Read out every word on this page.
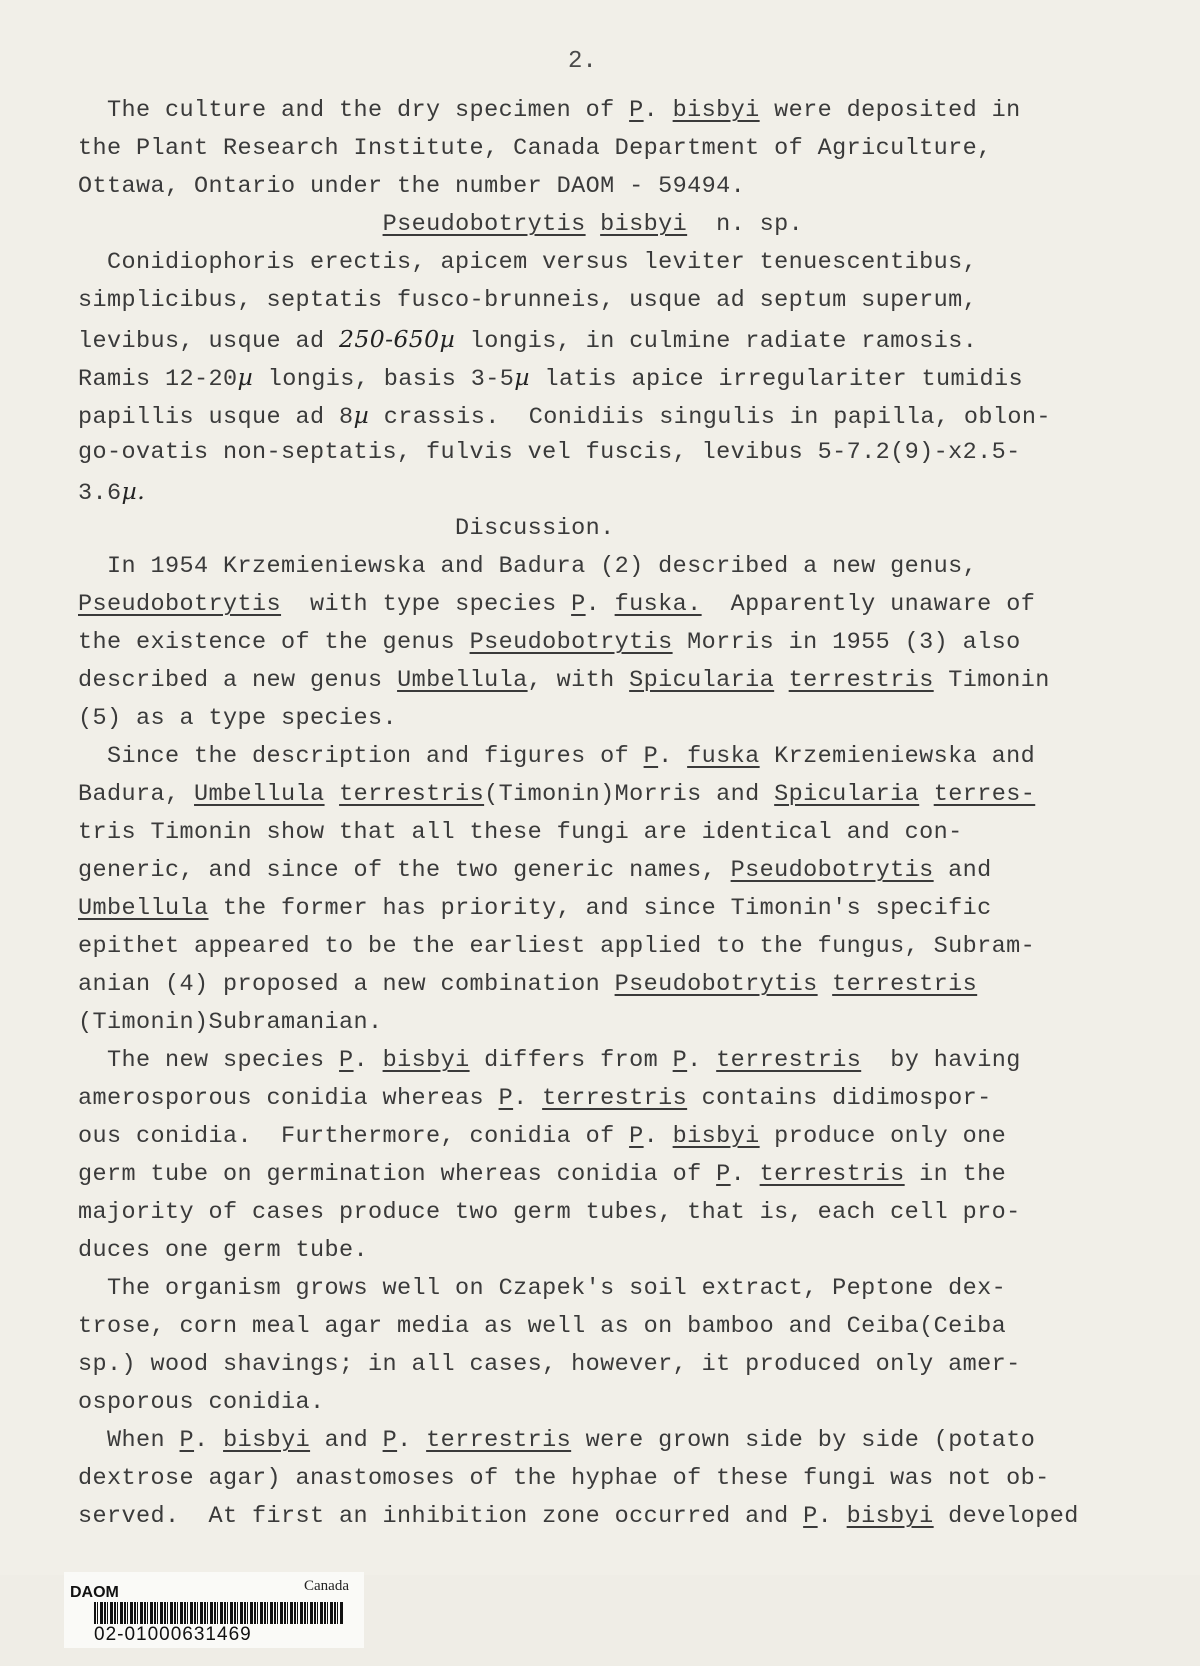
2.
The culture and the dry specimen of P. bisbyi were deposited in
the Plant Research Institute, Canada Department of Agriculture,
Ottawa, Ontario under the number DAOM - 59494.
Pseudobotrytis bisbyi  n. sp.
Conidiophoris erectis, apicem versus leviter tenuescentibus,
simplicibus, septatis fusco-brunneis, usque ad septum superum,
levibus, usque ad 250-650µ longis, in culmine radiate ramosis.
Ramis 12-20µ longis, basis 3-5µ latis apice irregulariter tumidis
papillis usque ad 8µ crassis.  Conidiis singulis in papilla, oblon-
go-ovatis non-septatis, fulvis vel fuscis, levibus 5-7.2(9)-x2.5-
3.6µ.
Discussion.
In 1954 Krzemieniewska and Badura (2) described a new genus,
Pseudobotrytis  with type species P. fuska.  Apparently unaware of
the existence of the genus Pseudobotrytis Morris in 1955 (3) also
described a new genus Umbellula, with Spicularia terrestris Timonin
(5) as a type species.
Since the description and figures of P. fuska Krzemieniewska and
Badura, Umbellula terrestris(Timonin)Morris and Spicularia terres-
tris Timonin show that all these fungi are identical and con-
generic, and since of the two generic names, Pseudobotrytis and
Umbellula the former has priority, and since Timonin's specific
epithet appeared to be the earliest applied to the fungus, Subram-
anian (4) proposed a new combination Pseudobotrytis terrestris
(Timonin)Subramanian.
The new species P. bisbyi differs from P. terrestris  by having
amerosporous conidia whereas P. terrestris contains didimospor-
ous conidia.  Furthermore, conidia of P. bisbyi produce only one
germ tube on germination whereas conidia of P. terrestris in the
majority of cases produce two germ tubes, that is, each cell pro-
duces one germ tube.
The organism grows well on Czapek's soil extract, Peptone dex-
trose, corn meal agar media as well as on bamboo and Ceiba(Ceiba
sp.) wood shavings; in all cases, however, it produced only amer-
osporous conidia.
When P. bisbyi and P. terrestris were grown side by side (potato
dextrose agar) anastomoses of the hyphae of these fungi was not ob-
served.  At first an inhibition zone occurred and P. bisbyi developed
DAOM	Canada
02-01000631469
